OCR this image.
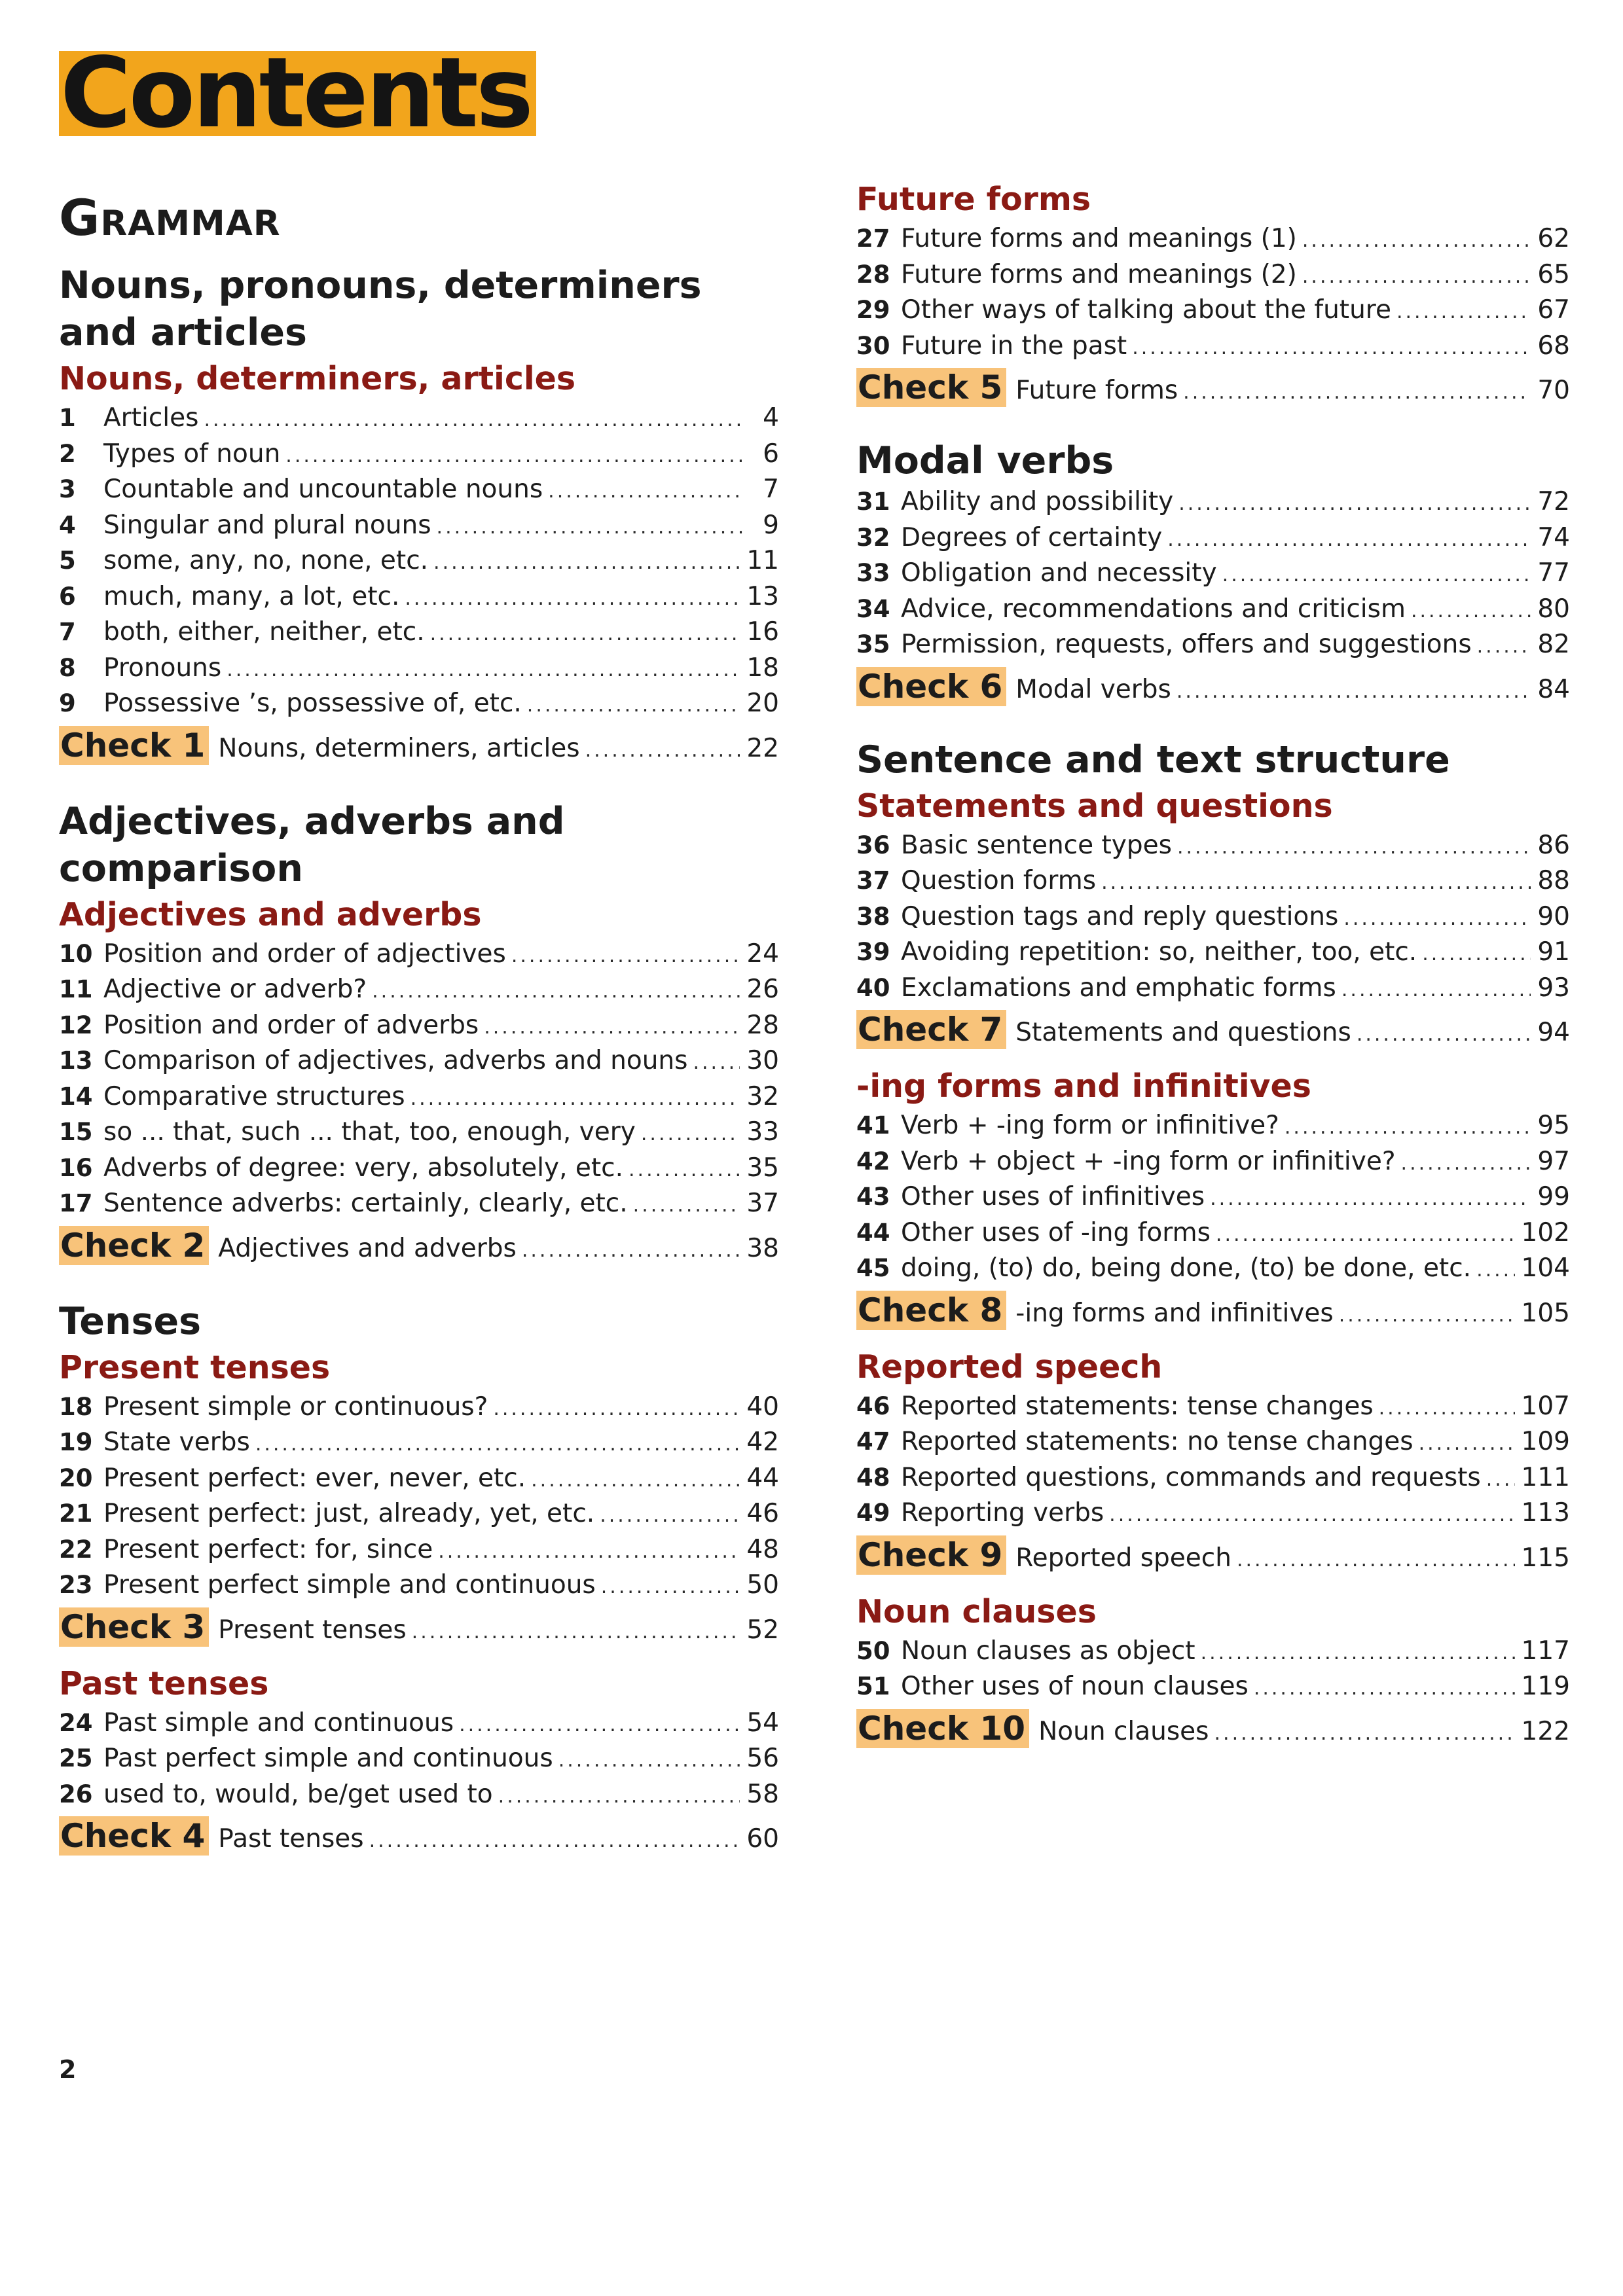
Contents
Grammar
Nouns, pronouns, determiners and articles
Nouns, determiners, articles
1	Articles .....	4
2	Types of noun .....	6
3	Countable and uncountable nouns .....	7
4	Singular and plural nouns .....	9
5	some, any, no, none, etc. .....	11
6	much, many, a lot, etc. .....	13
7	both, either, neither, etc. .....	16
8	Pronouns .....	18
9	Possessive ’s, possessive of, etc. .....	20
Check 1 Nouns, determiners, articles .....	22
Adjectives, adverbs and comparison
Adjectives and adverbs
10 Position and order of adjectives .....	24
11 Adjective or adverb? .....	26
12 Position and order of adverbs .....	28
13 Comparison of adjectives, adverbs and nouns ..... 30
14 Comparative structures .....	32
15 so ... that, such ... that, too, enough, very .....	33
16 Adverbs of degree: very, absolutely, etc. .....	35
17 Sentence adverbs: certainly, clearly, etc. .....	37
Check 2 Adjectives and adverbs .....	38
Tenses
Present tenses
18 Present simple or continuous? .....	40
19 State verbs .....	42
20 Present perfect: ever, never, etc. .....	44
21 Present perfect: just, already, yet, etc. .....	46
22 Present perfect: for, since .....	48
23 Present perfect simple and continuous .....	50
Check 3 Present tenses .....	52
Past tenses
24 Past simple and continuous .....	54
25 Past perfect simple and continuous .....	56
26 used to, would, be/get used to .....	58
Check 4 Past tenses .....	60
Future forms
27 Future forms and meanings (1) .....	62
28 Future forms and meanings (2) .....	65
29 Other ways of talking about the future .....	67
30 Future in the past .....	68
Check 5 Future forms .....	70
Modal verbs
31 Ability and possibility .....	72
32 Degrees of certainty .....	74
33 Obligation and necessity .....	77
34 Advice, recommendations and criticism .....	80
35 Permission, requests, offers and suggestions .....	82
Check 6 Modal verbs .....	84
Sentence and text structure
Statements and questions
36 Basic sentence types .....	86
37 Question forms .....	88
38 Question tags and reply questions .....	90
39 Avoiding repetition: so, neither, too, etc. .....	91
40 Exclamations and emphatic forms .....	93
Check 7 Statements and questions .....	94
-ing forms and infinitives
41 Verb + -ing form or infinitive? .....	95
42 Verb + object + -ing form or infinitive? .....	97
43 Other uses of infinitives .....	99
44 Other uses of -ing forms .....	102
45 doing, (to) do, being done, (to) be done, etc. ..... 104
Check 8 -ing forms and infinitives .....	105
Reported speech
46 Reported statements: tense changes .....	107
47 Reported statements: no tense changes .....	109
48 Reported questions, commands and requests ..... 111
49 Reporting verbs .....	113
Check 9 Reported speech .....	115
Noun clauses
50 Noun clauses as object .....	117
51 Other uses of noun clauses .....	119
Check 10 Noun clauses .....	122
2
